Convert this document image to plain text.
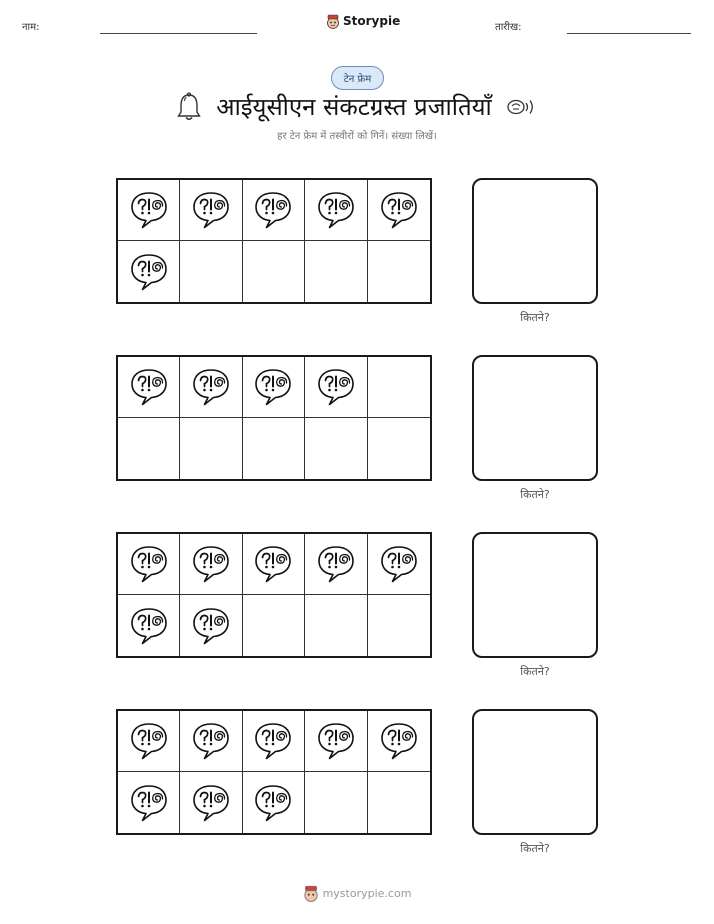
नाम:	Storypie	तारीख:
टेन फ्रेम
आईयूसीएन संकटग्रस्त प्रजातियाँ
हर टेन फ्रेम में तस्वीरों को गिनें। संख्या लिखें।
कितने?
कितने?
कितने?
कितने?
mystorypie.com
